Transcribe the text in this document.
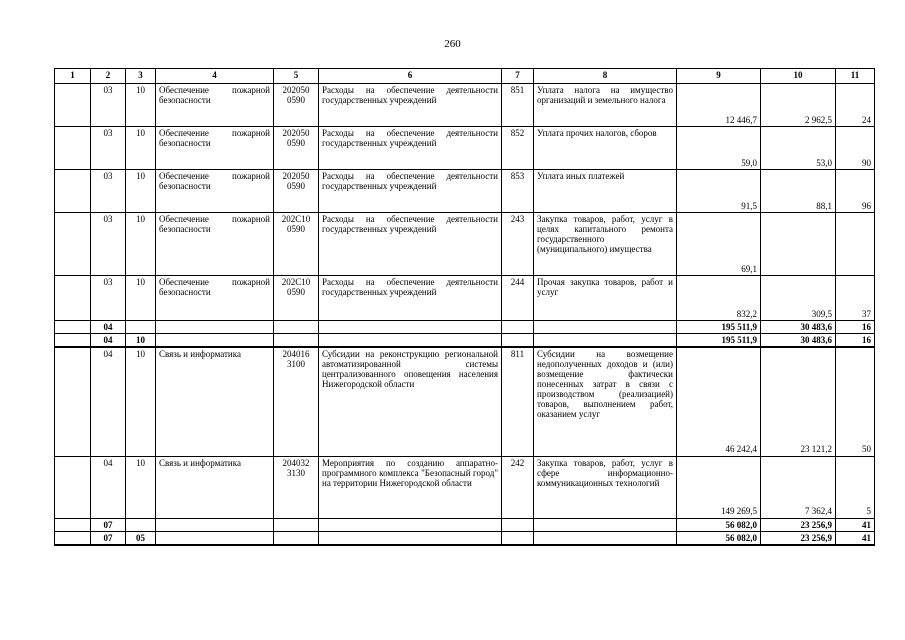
260
1	2	3	4	5	6	7	8	9	10	11
	03	10	Обеспечение пожарной безопасности	202050 0590	Расходы на обеспечение деятельности государственных учреждений	851	Уплата налога на имущество организаций и земельного налога	12 446,7	2 962,5	24
	03	10	Обеспечение пожарной безопасности	202050 0590	Расходы на обеспечение деятельности государственных учреждений	852	Уплата прочих налогов, сборов	59,0	53,0	90
	03	10	Обеспечение пожарной безопасности	202050 0590	Расходы на обеспечение деятельности государственных учреждений	853	Уплата иных платежей	91,5	88,1	96
	03	10	Обеспечение пожарной безопасности	202С10 0590	Расходы на обеспечение деятельности государственных учреждений	243	Закупка товаров, работ, услуг в целях капитального ремонта государственного (муниципального) имущества	69,1		
	03	10	Обеспечение пожарной безопасности	202С10 0590	Расходы на обеспечение деятельности государственных учреждений	244	Прочая закупка товаров, работ и услуг	832,2	309,5	37
	04							195 511,9	30 483,6	16
	04	10						195 511,9	30 483,6	16
	04	10	Связь и информатика	204016 3100	Субсидии на реконструкцию региональной автоматизированной системы централизованного оповещения населения Нижегородской области	811	Субсидии на возмещение недополученных доходов и (или) возмещение фактически понесенных затрат в связи с производством (реализацией) товаров, выполнением работ, оказанием услуг	46 242,4	23 121,2	50
	04	10	Связь и информатика	204032 3130	Мероприятия по созданию аппаратно-программного комплекса "Безопасный город" на территории Нижегородской области	242	Закупка товаров, работ, услуг в сфере информационно-коммуникационных технологий	149 269,5	7 362,4	5
	07							56 082,0	23 256,9	41
	07	05						56 082,0	23 256,9	41
